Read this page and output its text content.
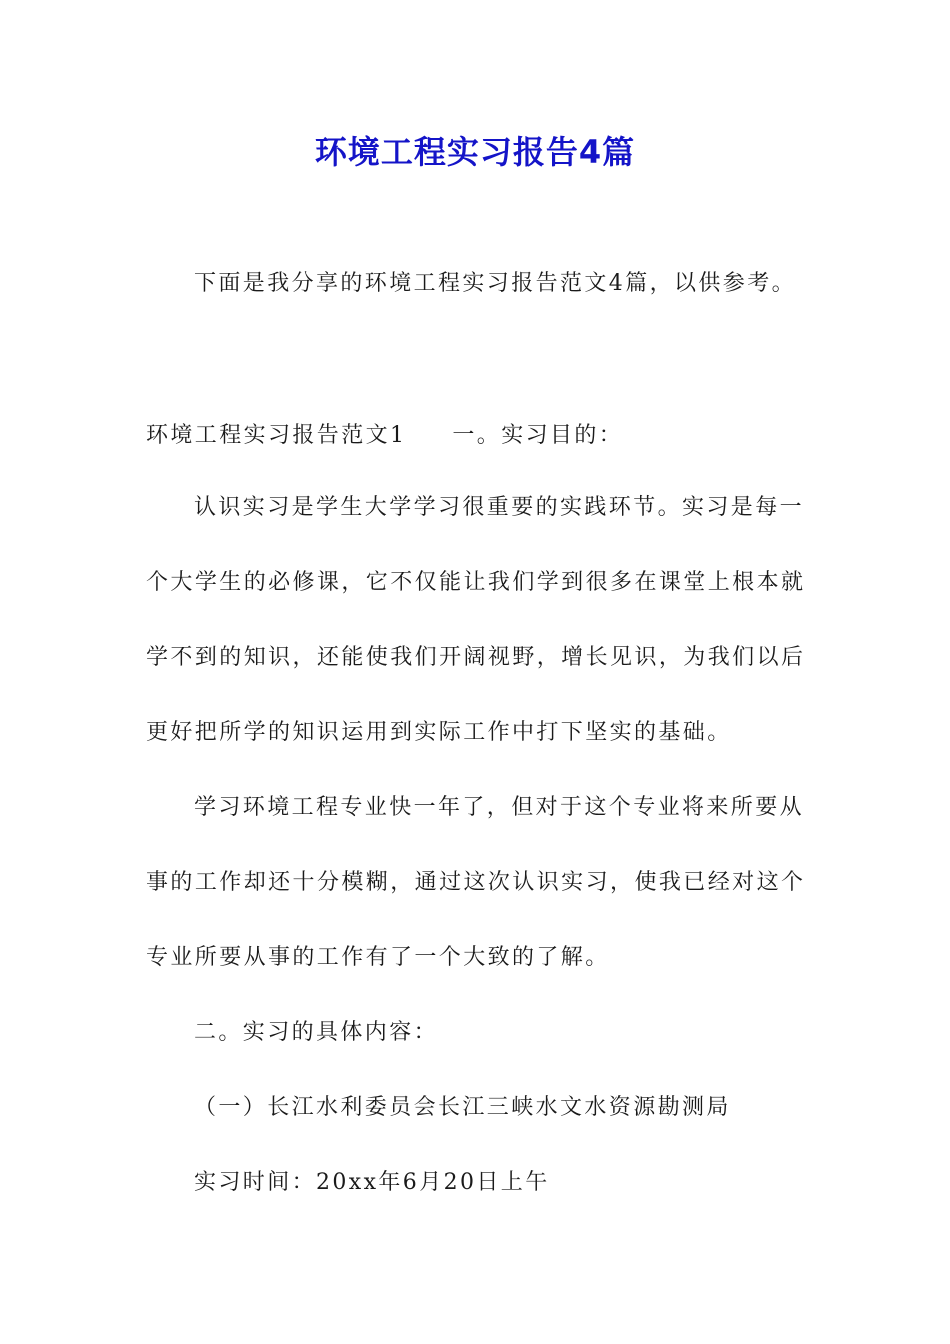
环境工程实习报告4篇

下面是我分享的环境工程实习报告范文4篇，以供参考。

环境工程实习报告范文1 一。实习目的：

认识实习是学生大学学习很重要的实践环节。实习是每一

个大学生的必修课，它不仅能让我们学到很多在课堂上根本就

学不到的知识，还能使我们开阔视野，增长见识，为我们以后

更好把所学的知识运用到实际工作中打下坚实的基础。

学习环境工程专业快一年了，但对于这个专业将来所要从

事的工作却还十分模糊，通过这次认识实习，使我已经对这个

专业所要从事的工作有了一个大致的了解。

二。实习的具体内容：

（一）长江水利委员会长江三峡水文水资源勘测局

实习时间：20xx年6月20日上午
